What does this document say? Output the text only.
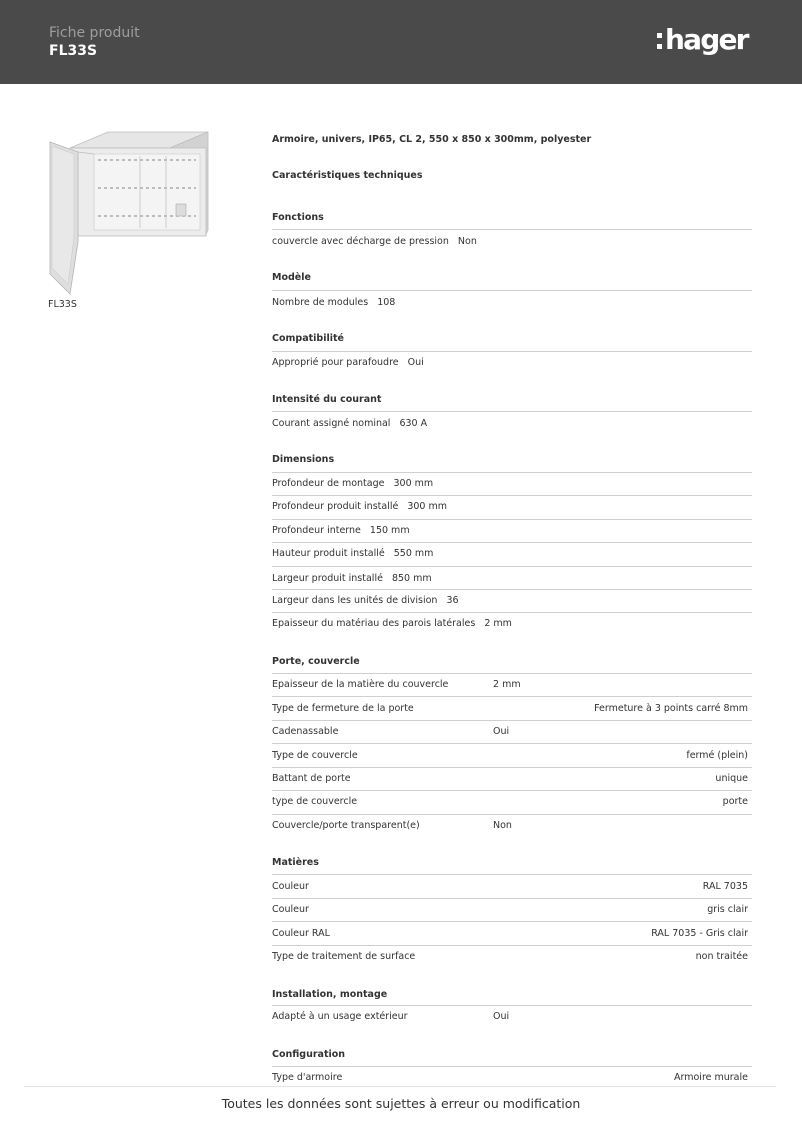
Fiche produit
FL33S	hager
FL33S
Armoire, univers, IP65, CL 2, 550 x 850 x 300mm, polyester
Caractéristiques techniques
Fonctions
couvercle avec décharge de pression Non
Modèle
Nombre de modules 108
Compatibilité
Approprié pour parafoudre Oui
Intensité du courant
Courant assigné nominal 630 A
Dimensions
Profondeur de montage 300 mm
Profondeur produit installé 300 mm
Profondeur interne 150 mm
Hauteur produit installé 550 mm
Largeur produit installé 850 mm
Largeur dans les unités de division 36
Epaisseur du matériau des parois latérales 2 mm
Porte, couvercle
Epaisseur de la matière du couvercle	2 mm
Type de fermeture de la porte	Fermeture à 3 points carré 8mm
Cadenassable	Oui
Type de couvercle	fermé (plein)
Battant de porte	unique
type de couvercle	porte
Couvercle/porte transparent(e)	Non
Matières
Couleur	RAL 7035
Couleur	gris clair
Couleur RAL	RAL 7035 - Gris clair
Type de traitement de surface	non traitée
Installation, montage
Adapté à un usage extérieur	Oui
Configuration
Type d'armoire	Armoire murale
Toutes les données sont sujettes à erreur ou modification
